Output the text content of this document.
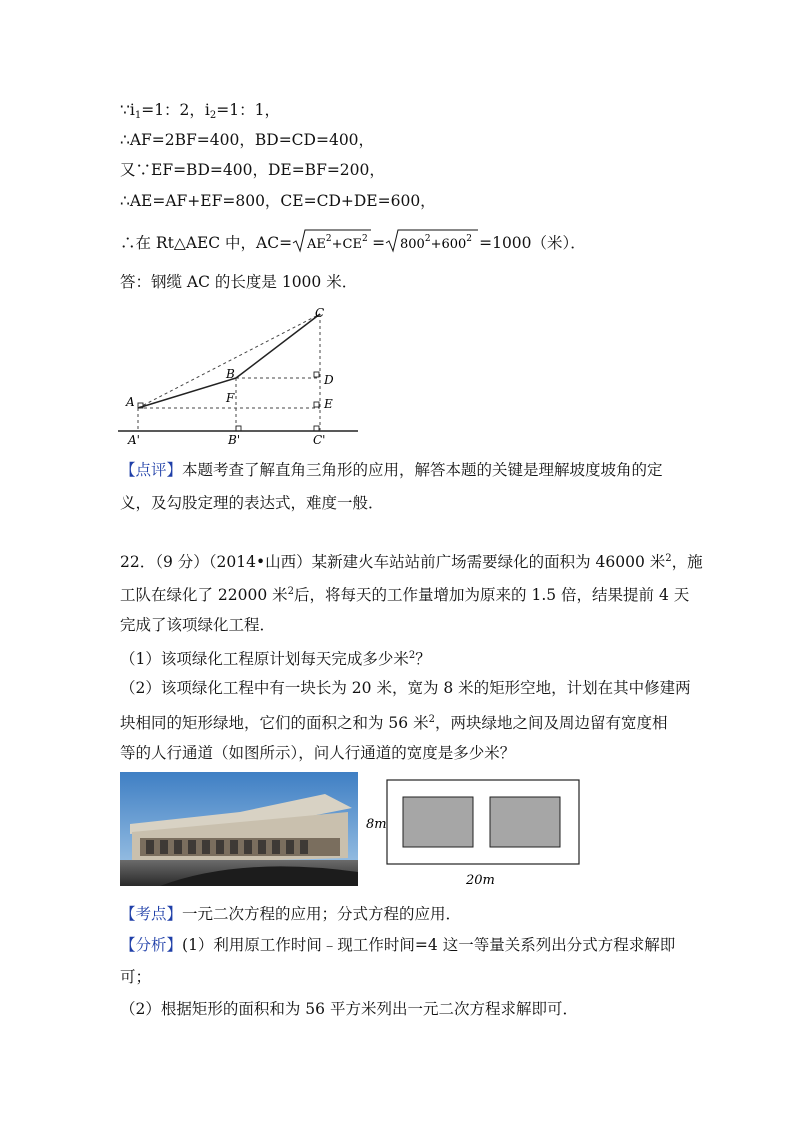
$\because i_1=1$：2，$i_2=1$：1，
∴AF=2BF=400，BD=CD=400，
又∵EF=BD=400，DE=BF=200，
∴AE=AF+EF=800，CE=CD+DE=600，
∴在 Rt△AEC 中，$AC= AE^2+CE^2 = 800^2+600^2 =1000$（米）．
答：钢缆 AC 的长度是 1000 米．
C
B	D
E
F
A
A'	B'	C'
【点评】本题考查了解直角三角形的应用，解答本题的关键是理解坡度坡角的定
义，及勾股定理的表达式，难度一般．
22．（9 分）（2014•山西）某新建火车站站前广场需要绿化的面积为 46000 米$^2$，施
工队在绿化了 22000 米$^2$后，将每天的工作量增加为原来的 1.5 倍，结果提前 4 天
完成了该项绿化工程．
（1）该项绿化工程原计划每天完成多少米$^2$？
（2）该项绿化工程中有一块长为 20 米，宽为 8 米的矩形空地，计划在其中修建两
块相同的矩形绿地，它们的面积之和为 56 米$^2$，两块绿地之间及周边留有宽度相
等的人行通道（如图所示），问人行通道的宽度是多少米？
8m
20m
【考点】一元二次方程的应用；分式方程的应用．
【分析】(1）利用原工作时间﹣现工作时间=4 这一等量关系列出分式方程求解即
可；
（2）根据矩形的面积和为 56 平方米列出一元二次方程求解即可．
